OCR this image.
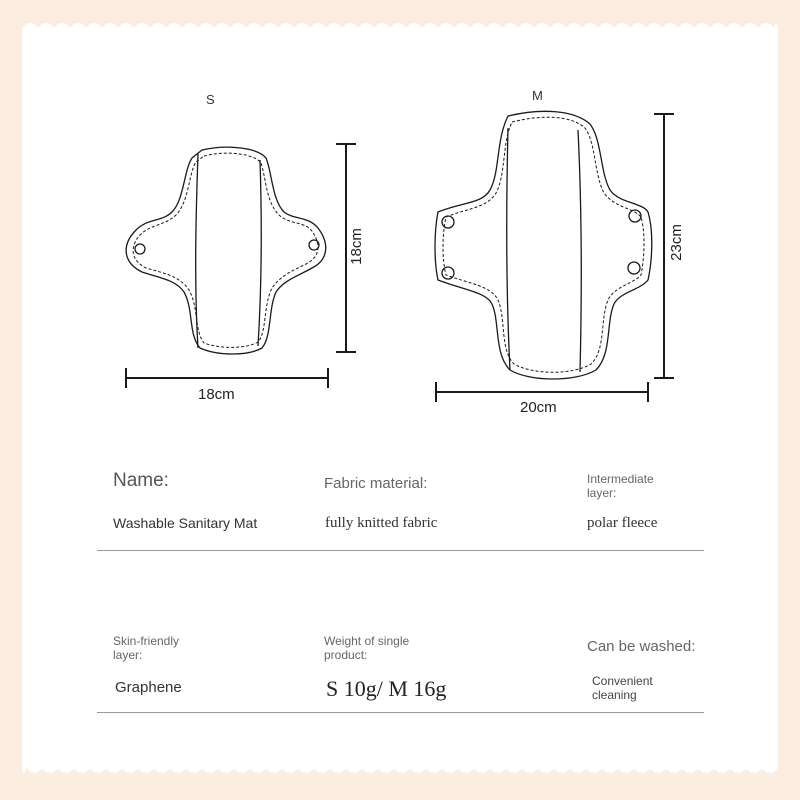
S	M
18cm
18cm
23cm
20cm
Name:
Washable Sanitary Mat
Fabric material:
fully knitted fabric
Intermediate layer:
polar fleece
Skin-friendly layer:
Graphene
Weight of single product:
S 10g/ M 16g
Can be washed:
Convenient cleaning
